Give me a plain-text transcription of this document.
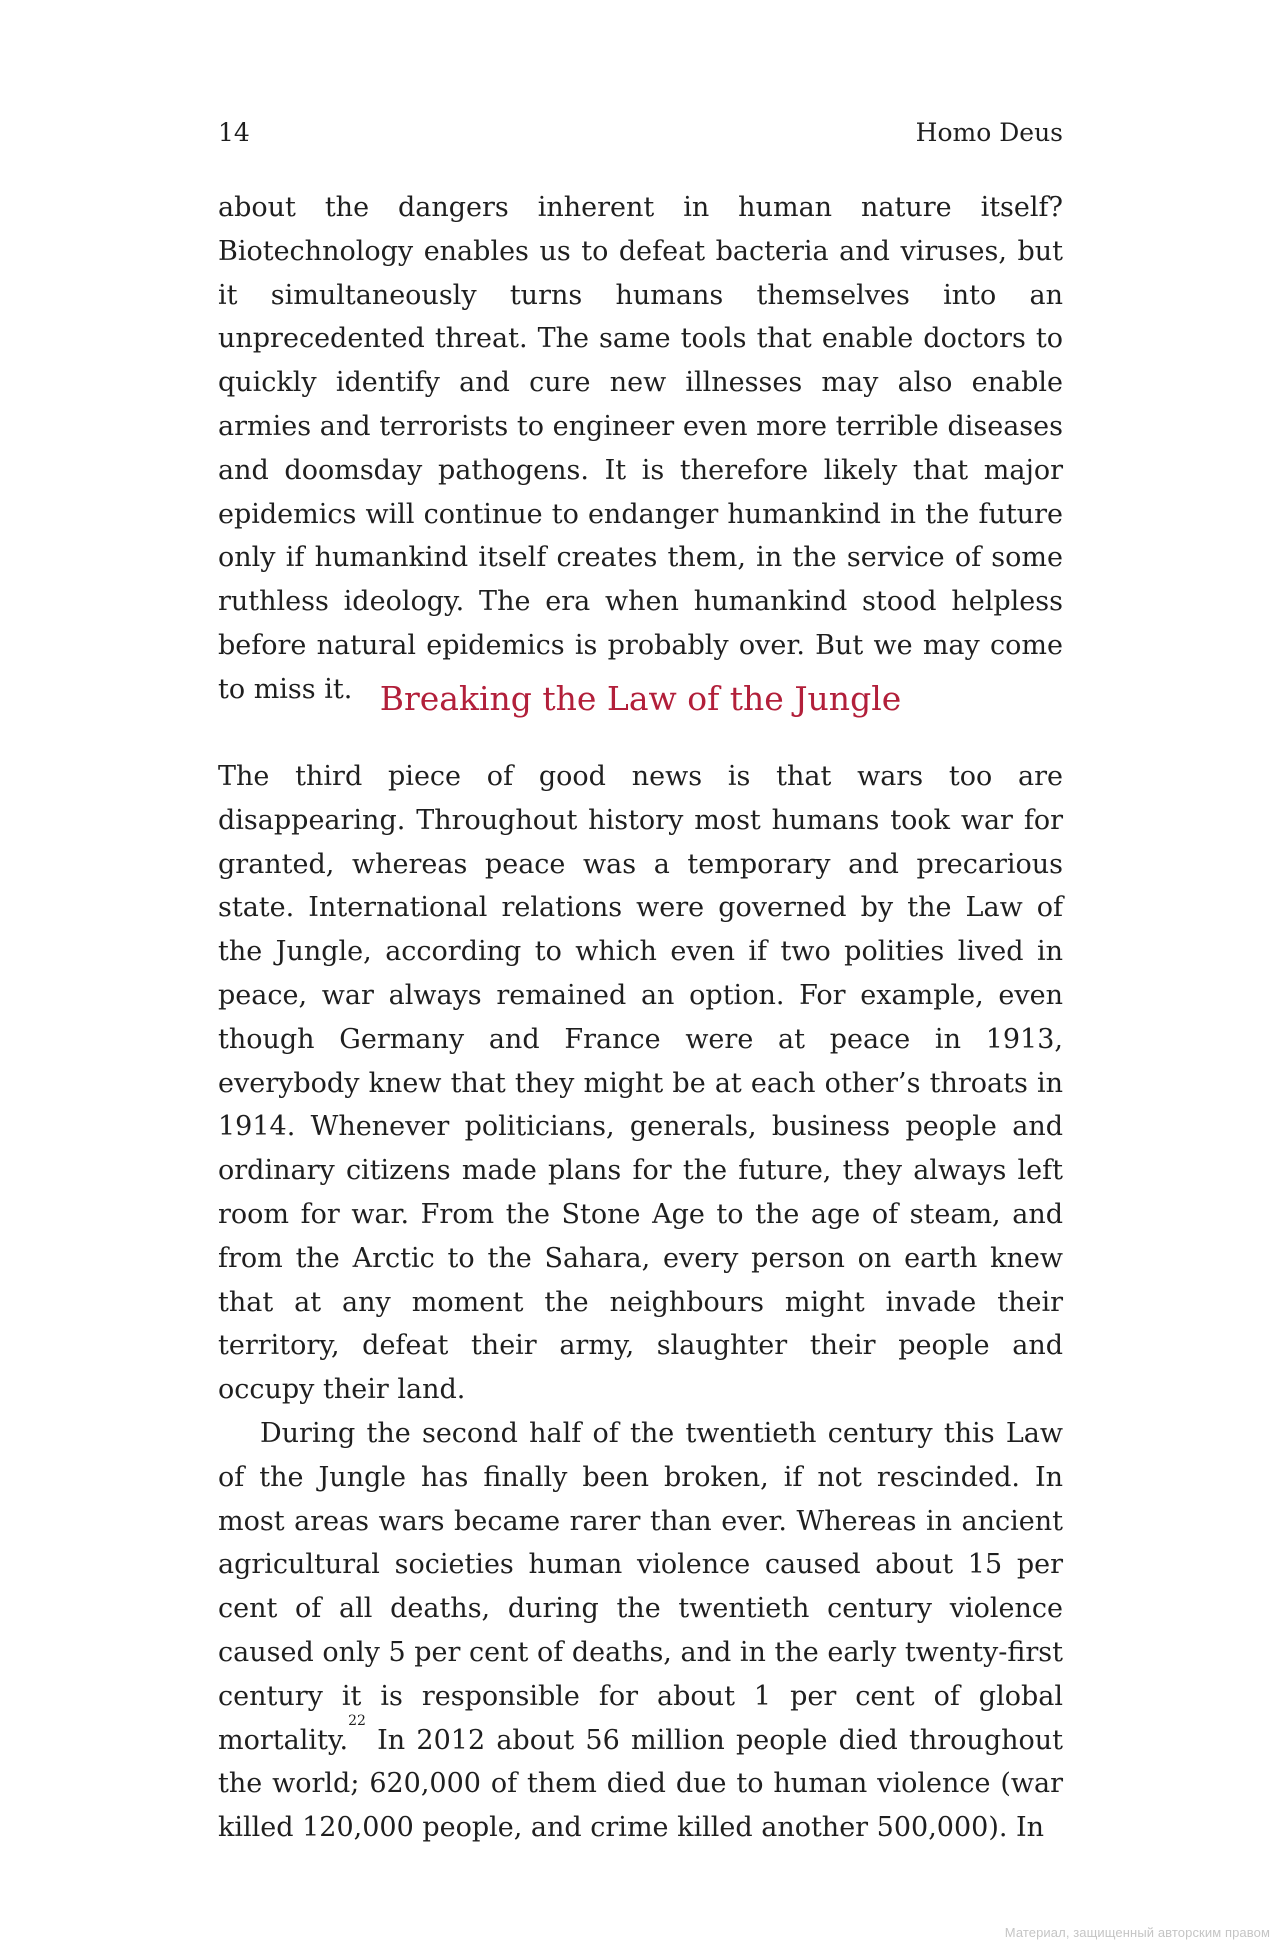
14	Homo Deus

about the dangers inherent in human nature itself? Biotechnology enables us to defeat bacteria and viruses, but it simultaneously turns humans themselves into an unprecedented threat. The same tools that enable doctors to quickly identify and cure new illnesses may also enable armies and terrorists to engineer even more terrible diseases and doomsday pathogens. It is therefore likely that major epidemics will continue to endanger humankind in the future only if humankind itself creates them, in the service of some ruthless ideology. The era when humankind stood helpless before natural epidemics is probably over. But we may come to miss it. Breaking the Law of the Jungle

The third piece of good news is that wars too are disappearing. Throughout history most humans took war for granted, whereas peace was a temporary and precarious state. International relations were governed by the Law of the Jungle, according to which even if two polities lived in peace, war always remained an option. For example, even though Germany and France were at peace in 1913, everybody knew that they might be at each other’s throats in 1914. Whenever politicians, generals, business people and ordinary citizens made plans for the future, they always left room for war. From the Stone Age to the age of steam, and from the Arctic to the Sahara, every person on earth knew that at any moment the neighbours might invade their territory, defeat their army, slaughter their people and occupy their land.

During the second half of the twentieth century this Law of the Jungle has finally been broken, if not rescinded. In most areas wars became rarer than ever. Whereas in ancient agricultural societies human violence caused about 15 per cent of all deaths, during the twentieth century violence caused only 5 per cent of deaths, and in the early twenty-first century it is responsible for about 1 per cent of global mortality.$^{22}$ In 2012 about 56 million people died throughout the world; 620,000 of them died due to human violence (war killed 120,000 people, and crime killed another 500,000). In

Материал, защищенный авторским правом
